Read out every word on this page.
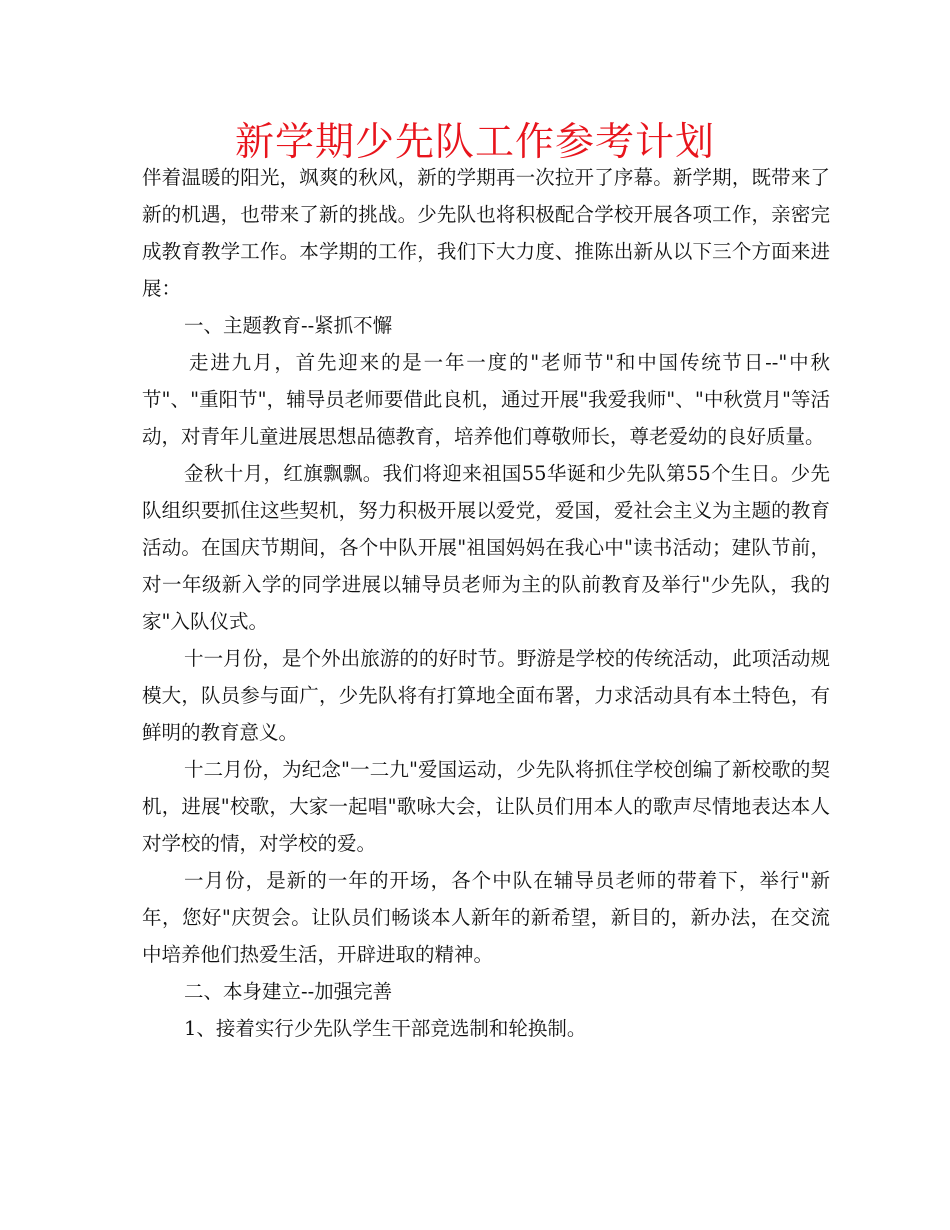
新学期少先队工作参考计划

伴着温暖的阳光，飒爽的秋风，新的学期再一次拉开了序幕。新学期，既带来了新的机遇，也带来了新的挑战。少先队也将积极配合学校开展各项工作，亲密完成教育教学工作。本学期的工作，我们下大力度、推陈出新从以下三个方面来进展：

一、主题教育--紧抓不懈

走进九月，首先迎来的是一年一度的"老师节"和中国传统节日--"中秋节"、"重阳节"，辅导员老师要借此良机，通过开展"我爱我师"、"中秋赏月"等活动，对青年儿童进展思想品德教育，培养他们尊敬师长，尊老爱幼的良好质量。

金秋十月，红旗飘飘。我们将迎来祖国55华诞和少先队第55个生日。少先队组织要抓住这些契机，努力积极开展以爱党，爱国，爱社会主义为主题的教育活动。在国庆节期间，各个中队开展"祖国妈妈在我心中"读书活动；建队节前，对一年级新入学的同学进展以辅导员老师为主的队前教育及举行"少先队，我的家"入队仪式。

十一月份，是个外出旅游的的好时节。野游是学校的传统活动，此项活动规模大，队员参与面广，少先队将有打算地全面布署，力求活动具有本土特色，有鲜明的教育意义。

十二月份，为纪念"一二九"爱国运动，少先队将抓住学校创编了新校歌的契机，进展"校歌，大家一起唱"歌咏大会，让队员们用本人的歌声尽情地表达本人对学校的情，对学校的爱。

一月份，是新的一年的开场，各个中队在辅导员老师的带着下，举行"新年，您好"庆贺会。让队员们畅谈本人新年的新希望，新目的，新办法，在交流中培养他们热爱生活，开辟进取的精神。

二、本身建立--加强完善

1、接着实行少先队学生干部竞选制和轮换制。
